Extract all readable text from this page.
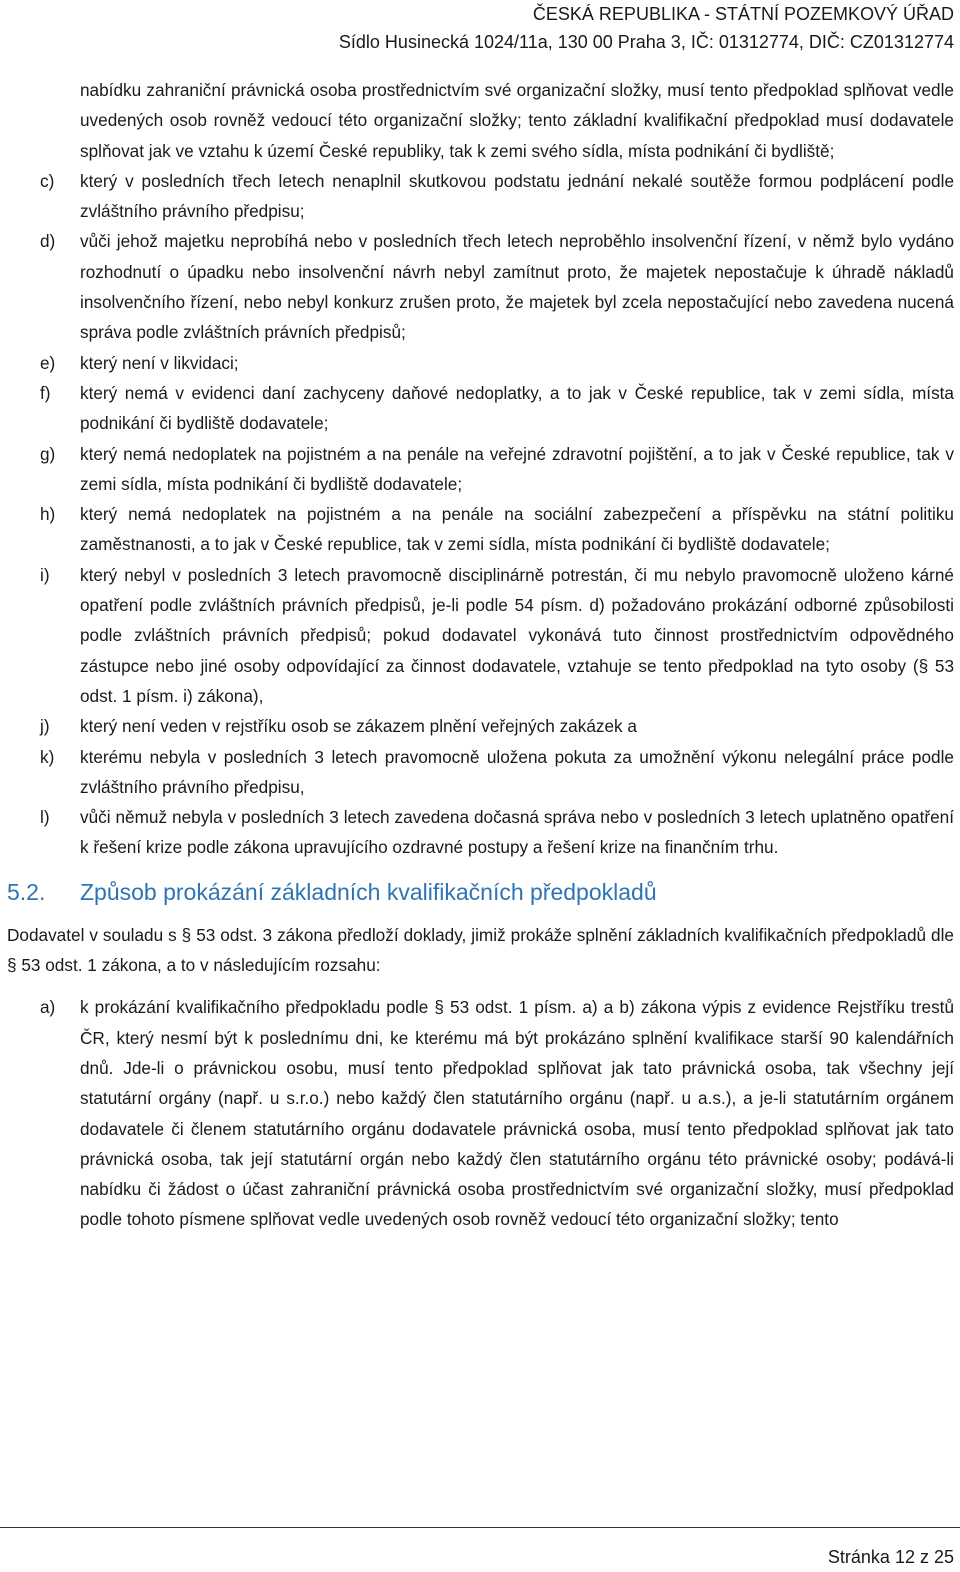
ČESKÁ REPUBLIKA - STÁTNÍ POZEMKOVÝ ÚŘAD
Sídlo Husinecká 1024/11a, 130 00 Praha 3, IČ: 01312774, DIČ: CZ01312774
nabídku zahraniční právnická osoba prostřednictvím své organizační složky, musí tento předpoklad splňovat vedle uvedených osob rovněž vedoucí této organizační složky; tento základní kvalifikační předpoklad musí dodavatele splňovat jak ve vztahu k území České republiky, tak k zemi svého sídla, místa podnikání či bydliště;
c)	který v posledních třech letech nenaplnil skutkovou podstatu jednání nekalé soutěže formou podplácení podle zvláštního právního předpisu;
d)	vůči jehož majetku neprobíhá nebo v posledních třech letech neproběhlo insolvenční řízení, v němž bylo vydáno rozhodnutí o úpadku nebo insolvenční návrh nebyl zamítnut proto, že majetek nepostačuje k úhradě nákladů insolvenčního řízení, nebo nebyl konkurz zrušen proto, že majetek byl zcela nepostačující nebo zavedena nucená správa podle zvláštních právních předpisů;
e)	který není v likvidaci;
f)	který nemá v evidenci daní zachyceny daňové nedoplatky, a to jak v České republice, tak v zemi sídla, místa podnikání či bydliště dodavatele;
g)	který nemá nedoplatek na pojistném a na penále na veřejné zdravotní pojištění, a to jak v České republice, tak v zemi sídla, místa podnikání či bydliště dodavatele;
h)	který nemá nedoplatek na pojistném a na penále na sociální zabezpečení a příspěvku na státní politiku zaměstnanosti, a to jak v České republice, tak v zemi sídla, místa podnikání či bydliště dodavatele;
i)	který nebyl v posledních 3 letech pravomocně disciplinárně potrestán, či mu nebylo pravomocně uloženo kárné opatření podle zvláštních právních předpisů, je-li podle 54 písm. d) požadováno prokázání odborné způsobilosti podle zvláštních právních předpisů; pokud dodavatel vykonává tuto činnost prostřednictvím odpovědného zástupce nebo jiné osoby odpovídající za činnost dodavatele, vztahuje se tento předpoklad na tyto osoby (§ 53 odst. 1 písm. i) zákona),
j)	který není veden v rejstříku osob se zákazem plnění veřejných zakázek a
k)	kterému nebyla v posledních 3 letech pravomocně uložena pokuta za umožnění výkonu nelegální práce podle zvláštního právního předpisu,
l)	vůči němuž nebyla v posledních 3 letech zavedena dočasná správa nebo v posledních 3 letech uplatněno opatření k řešení krize podle zákona upravujícího ozdravné postupy a řešení krize na finančním trhu.
5.2.	Způsob prokázání základních kvalifikačních předpokladů
Dodavatel v souladu s § 53 odst. 3 zákona předloží doklady, jimiž prokáže splnění základních kvalifikačních předpokladů dle § 53 odst. 1 zákona, a to v následujícím rozsahu:
a)	k prokázání kvalifikačního předpokladu podle § 53 odst. 1 písm. a) a b) zákona výpis z evidence Rejstříku trestů ČR, který nesmí být k poslednímu dni, ke kterému má být prokázáno splnění kvalifikace starší 90 kalendářních dnů. Jde-li o právnickou osobu, musí tento předpoklad splňovat jak tato právnická osoba, tak všechny její statutární orgány (např. u s.r.o.) nebo každý člen statutárního orgánu (např. u a.s.), a je-li statutárním orgánem dodavatele či členem statutárního orgánu dodavatele právnická osoba, musí tento předpoklad splňovat jak tato právnická osoba, tak její statutární orgán nebo každý člen statutárního orgánu této právnické osoby; podává-li nabídku či žádost o účast zahraniční právnická osoba prostřednictvím své organizační složky, musí předpoklad podle tohoto písmene splňovat vedle uvedených osob rovněž vedoucí této organizační složky; tento
Stránka 12 z 25
